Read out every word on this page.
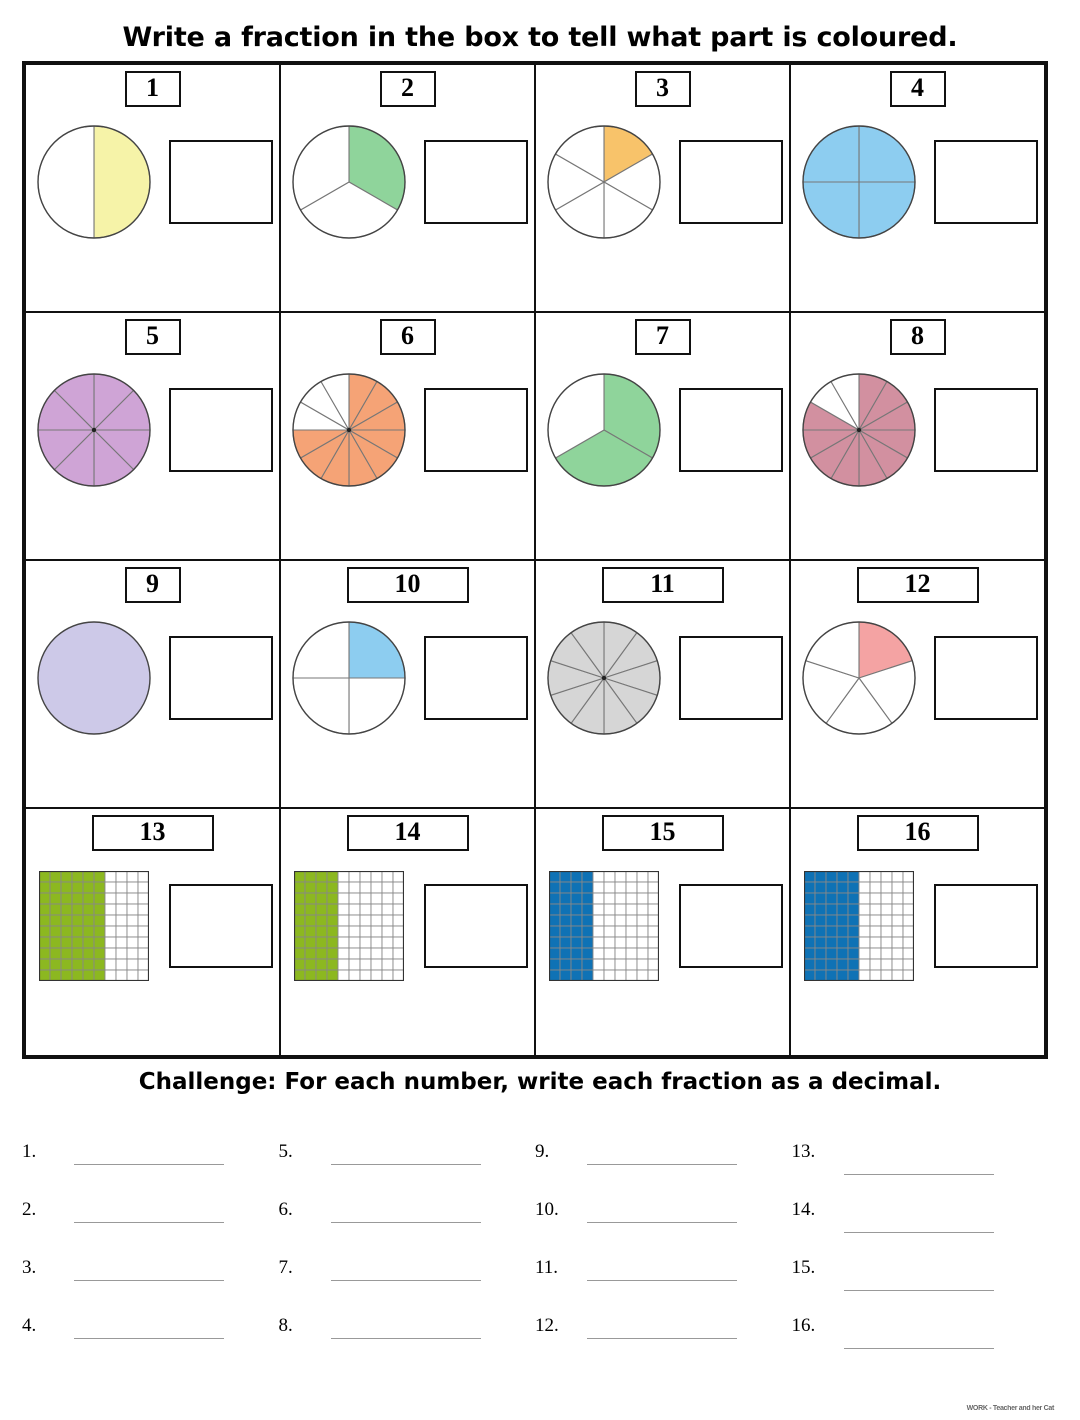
Write a fraction in the box to tell what part is coloured.
1	2	3	4

5	6	7	8

9	10	11	12

13	14	15	16
Challenge: For each number, write each fraction as a decimal.
1.	5.	9.	13.
2.	6.	10.	14.
3.	7.	11.	15.
4.	8.	12.	16.
WORK - Teacher and her Cat
